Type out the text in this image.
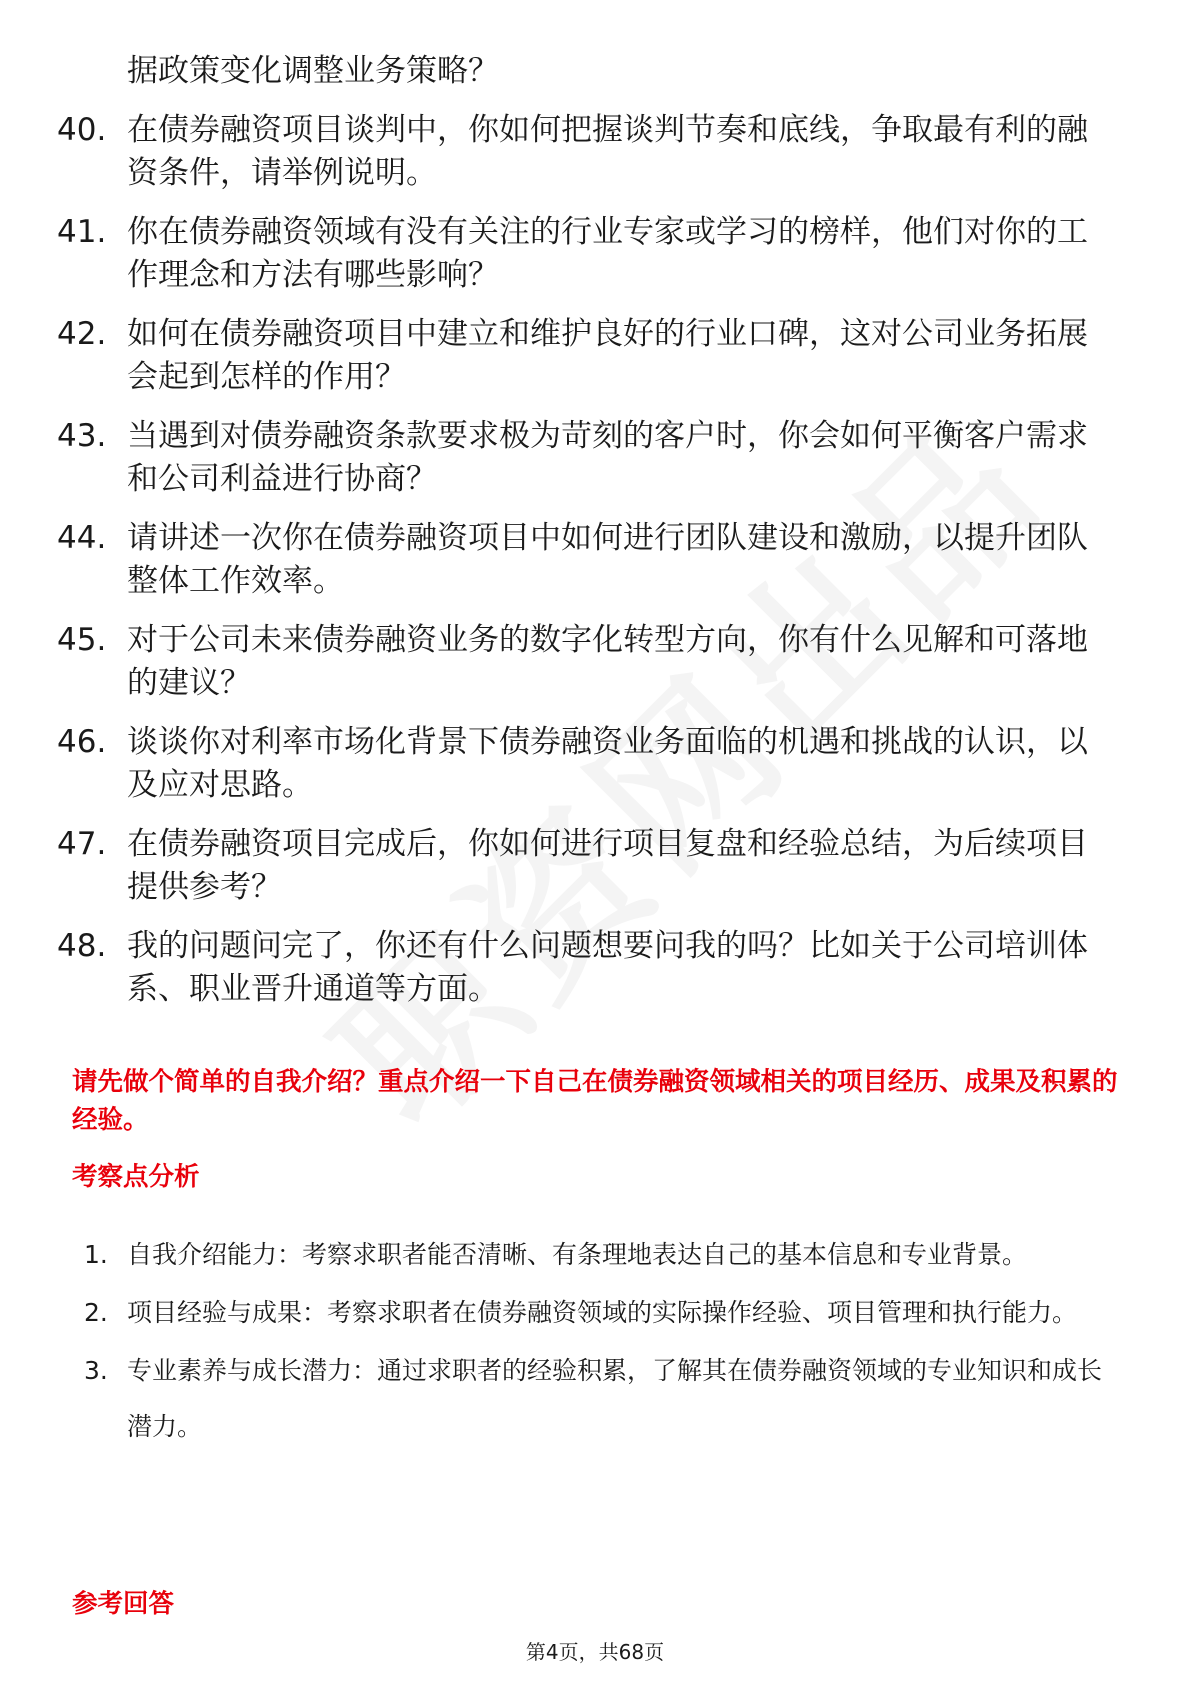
据政策变化调整业务策略？
40. 在债券融资项目谈判中，你如何把握谈判节奏和底线，争取最有利的融资条件，请举例说明。
41. 你在债券融资领域有没有关注的行业专家或学习的榜样，他们对你的工作理念和方法有哪些影响？
42. 如何在债券融资项目中建立和维护良好的行业口碑，这对公司业务拓展会起到怎样的作用？
43. 当遇到对债券融资条款要求极为苛刻的客户时，你会如何平衡客户需求和公司利益进行协商？
44. 请讲述一次你在债券融资项目中如何进行团队建设和激励，以提升团队整体工作效率。
45. 对于公司未来债券融资业务的数字化转型方向，你有什么见解和可落地的建议？
46. 谈谈你对利率市场化背景下债券融资业务面临的机遇和挑战的认识，以及应对思路。
47. 在债券融资项目完成后，你如何进行项目复盘和经验总结，为后续项目提供参考？
48. 我的问题问完了，你还有什么问题想要问我的吗？比如关于公司培训体系、职业晋升通道等方面。
请先做个简单的自我介绍？重点介绍一下自己在债券融资领域相关的项目经历、成果及积累的经验。
考察点分析
1. 自我介绍能力：考察求职者能否清晰、有条理地表达自己的基本信息和专业背景。
2. 项目经验与成果：考察求职者在债券融资领域的实际操作经验、项目管理和执行能力。
3. 专业素养与成长潜力：通过求职者的经验积累，了解其在债券融资领域的专业知识和成长潜力。
参考回答
第4页，共68页
